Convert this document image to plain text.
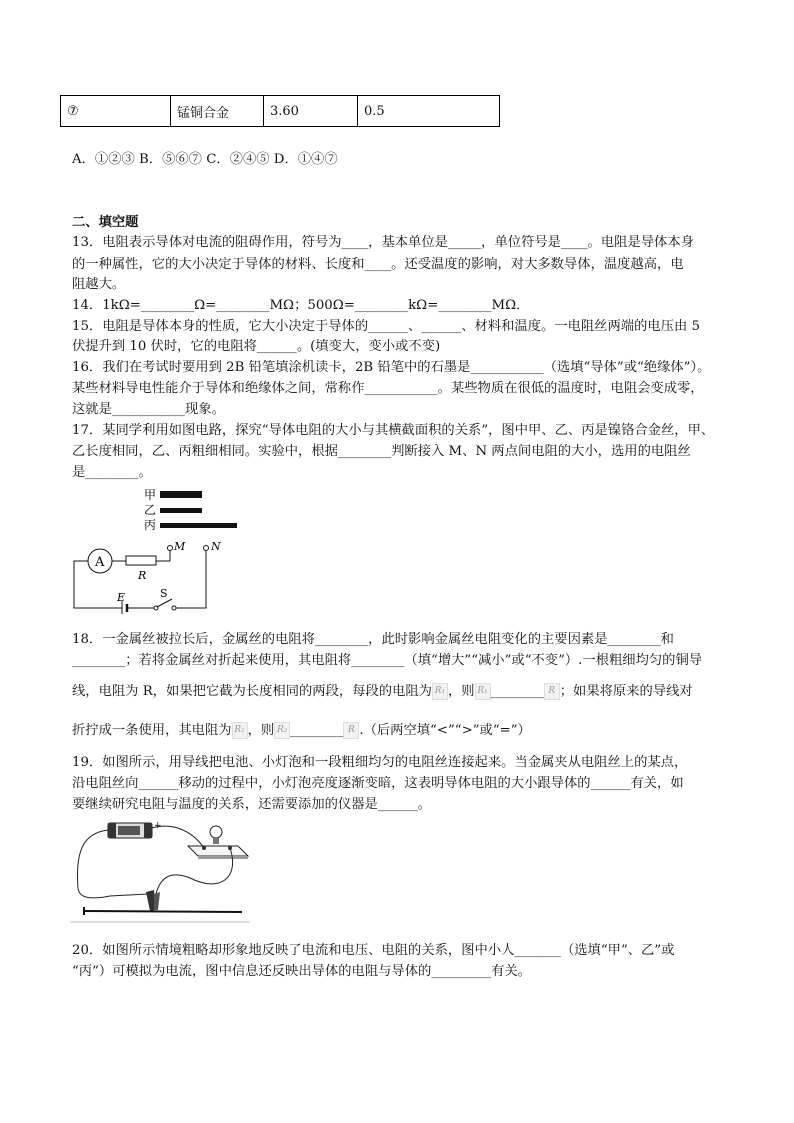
⑦	锰铜合金	3.60	0.5
A．①②③ B．⑤⑥⑦ C．②④⑤ D．①④⑦
二、填空题
13．电阻表示导体对电流的阻碍作用，符号为____，基本单位是_____，单位符号是____。电阻是导体本身
的一种属性，它的大小决定于导体的材料、长度和____。还受温度的影响，对大多数导体，温度越高，电
阻越大。
14．1kΩ=________Ω=________MΩ；500Ω=________kΩ=________MΩ．
15．电阻是导体本身的性质，它大小决定于导体的______、______、材料和温度。一电阻丝两端的电压由 5
伏提升到 10 伏时，它的电阻将______。(填变大，变小或不变)
16．我们在考试时要用到 2B 铅笔填涂机读卡，2B 铅笔中的石墨是___________（选填“导体”或“绝缘体”）。
某些材料导电性能介于导体和绝缘体之间，常称作___________。某些物质在很低的温度时，电阻会变成零，
这就是___________现象。
17．某同学利用如图电路，探究“导体电阻的大小与其横截面积的关系”，图中甲、乙、丙是镍铬合金丝，甲、
乙长度相同，乙、丙粗细相同。实验中，根据________判断接入 M、N 两点间电阻的大小，选用的电阻丝
是________。
甲
乙
丙
A
R
M N
E	S
18．一金属丝被拉长后，金属丝的电阻将________，此时影响金属丝电阻变化的主要因素是________和
________；若将金属丝对折起来使用，其电阻将________（填“增大”“减小”或“不变”）.一根粗细均匀的铜导
线，电阻为 R，如果把它截为长度相同的两段，每段的电阻为 R₁ ，则 R₁ ________ R ；如果将原来的导线对
折拧成一条使用，其电阻为 R₂ ，则 R₂ ________ R .（后两空填“<”“>”或“=”）
19．如图所示，用导线把电池、小灯泡和一段粗细均匀的电阻丝连接起来。当金属夹从电阻丝上的某点，
沿电阻丝向______移动的过程中，小灯泡亮度逐渐变暗，这表明导体电阻的大小跟导体的______有关，如
要继续研究电阻与温度的关系，还需要添加的仪器是______。
+
20．如图所示情境粗略却形象地反映了电流和电压、电阻的关系，图中小人_______（选填“甲”、乙”或
“丙”）可模拟为电流，图中信息还反映出导体的电阻与导体的_________有关。
